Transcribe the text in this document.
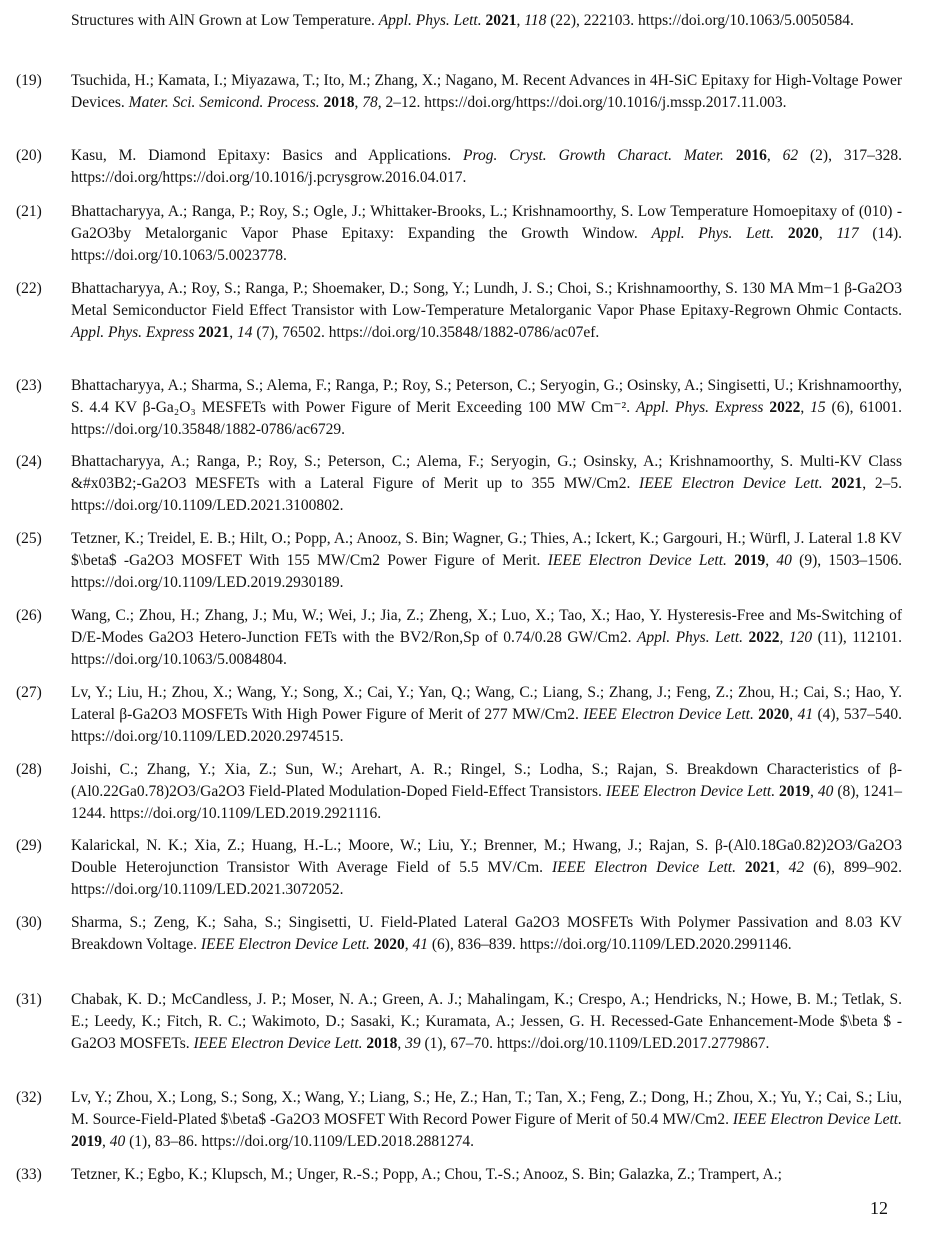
Structures with AlN Grown at Low Temperature. Appl. Phys. Lett. 2021, 118 (22), 222103. https://doi.org/10.1063/5.0050584.
(19)	Tsuchida, H.; Kamata, I.; Miyazawa, T.; Ito, M.; Zhang, X.; Nagano, M. Recent Advances in 4H-SiC Epitaxy for High-Voltage Power Devices. Mater. Sci. Semicond. Process. 2018, 78, 2–12. https://doi.org/https://doi.org/10.1016/j.mssp.2017.11.003.
(20)	Kasu, M. Diamond Epitaxy: Basics and Applications. Prog. Cryst. Growth Charact. Mater. 2016, 62 (2), 317–328. https://doi.org/https://doi.org/10.1016/j.pcrysgrow.2016.04.017.
(21)	Bhattacharyya, A.; Ranga, P.; Roy, S.; Ogle, J.; Whittaker-Brooks, L.; Krishnamoorthy, S. Low Temperature Homoepitaxy of (010) -Ga2O3by Metalorganic Vapor Phase Epitaxy: Expanding the Growth Window. Appl. Phys. Lett. 2020, 117 (14). https://doi.org/10.1063/5.0023778.
(22)	Bhattacharyya, A.; Roy, S.; Ranga, P.; Shoemaker, D.; Song, Y.; Lundh, J. S.; Choi, S.; Krishnamoorthy, S. 130 MA Mm−1 β-Ga2O3 Metal Semiconductor Field Effect Transistor with Low-Temperature Metalorganic Vapor Phase Epitaxy-Regrown Ohmic Contacts. Appl. Phys. Express 2021, 14 (7), 76502. https://doi.org/10.35848/1882-0786/ac07ef.
(23)	Bhattacharyya, A.; Sharma, S.; Alema, F.; Ranga, P.; Roy, S.; Peterson, C.; Seryogin, G.; Osinsky, A.; Singisetti, U.; Krishnamoorthy, S. 4.4 KV β-Ga₂O₃ MESFETs with Power Figure of Merit Exceeding 100 MW Cm⁻². Appl. Phys. Express 2022, 15 (6), 61001. https://doi.org/10.35848/1882-0786/ac6729.
(24)	Bhattacharyya, A.; Ranga, P.; Roy, S.; Peterson, C.; Alema, F.; Seryogin, G.; Osinsky, A.; Krishnamoorthy, S. Multi-KV Class &#x03B2;-Ga2O3 MESFETs with a Lateral Figure of Merit up to 355 MW/Cm2. IEEE Electron Device Lett. 2021, 2–5. https://doi.org/10.1109/LED.2021.3100802.
(25)	Tetzner, K.; Treidel, E. B.; Hilt, O.; Popp, A.; Anooz, S. Bin; Wagner, G.; Thies, A.; Ickert, K.; Gargouri, H.; Würfl, J. Lateral 1.8 KV $\beta$ -Ga2O3 MOSFET With 155 MW/Cm2 Power Figure of Merit. IEEE Electron Device Lett. 2019, 40 (9), 1503–1506. https://doi.org/10.1109/LED.2019.2930189.
(26)	Wang, C.; Zhou, H.; Zhang, J.; Mu, W.; Wei, J.; Jia, Z.; Zheng, X.; Luo, X.; Tao, X.; Hao, Y. Hysteresis-Free and Ms-Switching of D/E-Modes Ga2O3 Hetero-Junction FETs with the BV2/Ron,Sp of 0.74/0.28 GW/Cm2. Appl. Phys. Lett. 2022, 120 (11), 112101. https://doi.org/10.1063/5.0084804.
(27)	Lv, Y.; Liu, H.; Zhou, X.; Wang, Y.; Song, X.; Cai, Y.; Yan, Q.; Wang, C.; Liang, S.; Zhang, J.; Feng, Z.; Zhou, H.; Cai, S.; Hao, Y. Lateral β-Ga2O3 MOSFETs With High Power Figure of Merit of 277 MW/Cm2. IEEE Electron Device Lett. 2020, 41 (4), 537–540. https://doi.org/10.1109/LED.2020.2974515.
(28)	Joishi, C.; Zhang, Y.; Xia, Z.; Sun, W.; Arehart, A. R.; Ringel, S.; Lodha, S.; Rajan, S. Breakdown Characteristics of β-(Al0.22Ga0.78)2O3/Ga2O3 Field-Plated Modulation-Doped Field-Effect Transistors. IEEE Electron Device Lett. 2019, 40 (8), 1241–1244. https://doi.org/10.1109/LED.2019.2921116.
(29)	Kalarickal, N. K.; Xia, Z.; Huang, H.-L.; Moore, W.; Liu, Y.; Brenner, M.; Hwang, J.; Rajan, S. β-(Al0.18Ga0.82)2O3/Ga2O3 Double Heterojunction Transistor With Average Field of 5.5 MV/Cm. IEEE Electron Device Lett. 2021, 42 (6), 899–902. https://doi.org/10.1109/LED.2021.3072052.
(30)	Sharma, S.; Zeng, K.; Saha, S.; Singisetti, U. Field-Plated Lateral Ga2O3 MOSFETs With Polymer Passivation and 8.03 KV Breakdown Voltage. IEEE Electron Device Lett. 2020, 41 (6), 836–839. https://doi.org/10.1109/LED.2020.2991146.
(31)	Chabak, K. D.; McCandless, J. P.; Moser, N. A.; Green, A. J.; Mahalingam, K.; Crespo, A.; Hendricks, N.; Howe, B. M.; Tetlak, S. E.; Leedy, K.; Fitch, R. C.; Wakimoto, D.; Sasaki, K.; Kuramata, A.; Jessen, G. H. Recessed-Gate Enhancement-Mode $\beta $ -Ga2O3 MOSFETs. IEEE Electron Device Lett. 2018, 39 (1), 67–70. https://doi.org/10.1109/LED.2017.2779867.
(32)	Lv, Y.; Zhou, X.; Long, S.; Song, X.; Wang, Y.; Liang, S.; He, Z.; Han, T.; Tan, X.; Feng, Z.; Dong, H.; Zhou, X.; Yu, Y.; Cai, S.; Liu, M. Source-Field-Plated $\beta$ -Ga2O3 MOSFET With Record Power Figure of Merit of 50.4 MW/Cm2. IEEE Electron Device Lett. 2019, 40 (1), 83–86. https://doi.org/10.1109/LED.2018.2881274.
(33)	Tetzner, K.; Egbo, K.; Klupsch, M.; Unger, R.-S.; Popp, A.; Chou, T.-S.; Anooz, S. Bin; Galazka, Z.; Trampert, A.;
12
